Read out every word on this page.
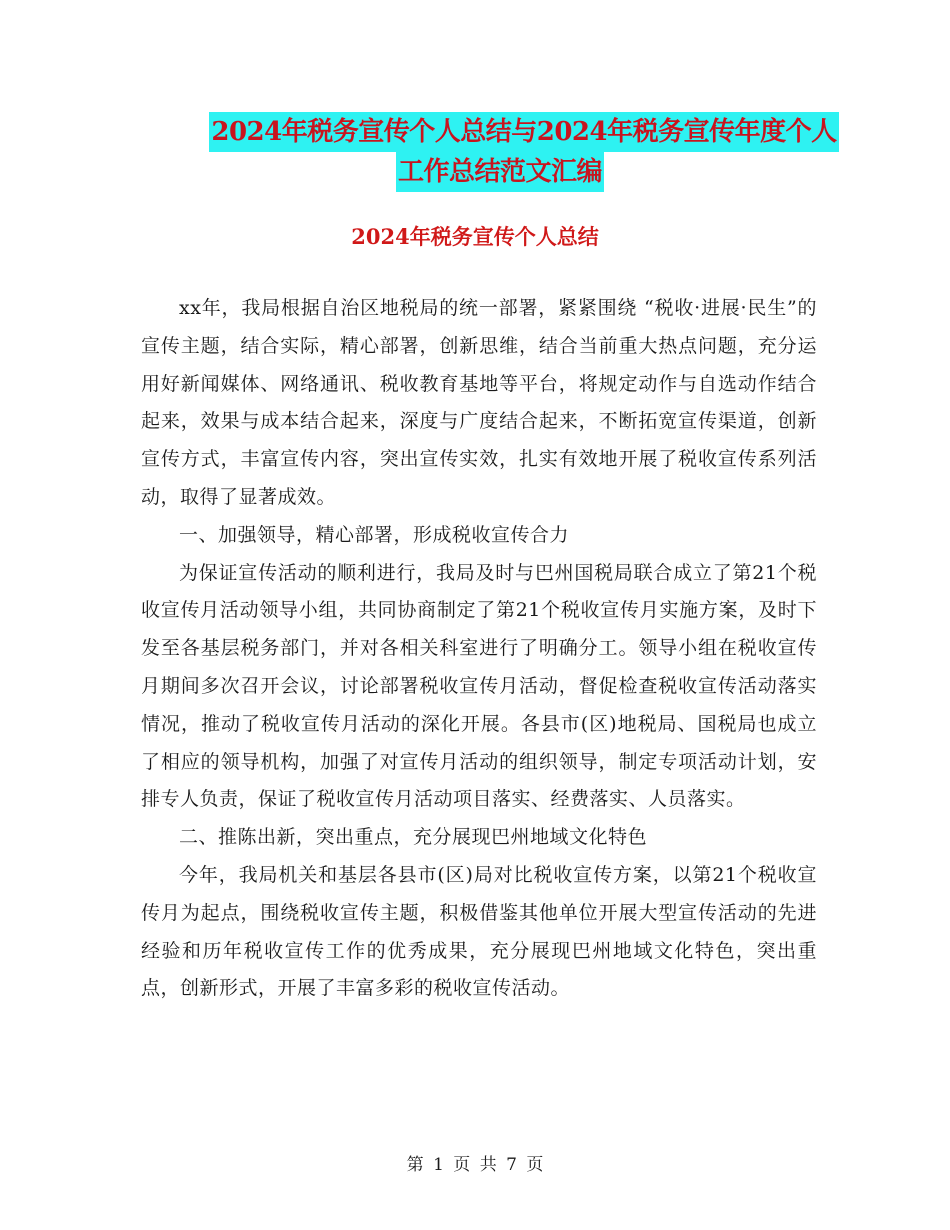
2024年税务宣传个人总结与2024年税务宣传年度个人
工作总结范文汇编
2024年税务宣传个人总结

xx年，我局根据自治区地税局的统一部署，紧紧围绕 “税收·进展·民生”的宣传主题，结合实际，精心部署，创新思维，结合当前重大热点问题，充分运用好新闻媒体、网络通讯、税收教育基地等平台，将规定动作与自选动作结合起来，效果与成本结合起来，深度与广度结合起来，不断拓宽宣传渠道，创新宣传方式，丰富宣传内容，突出宣传实效，扎实有效地开展了税收宣传系列活动，取得了显著成效。

一、加强领导，精心部署，形成税收宣传合力

为保证宣传活动的顺利进行，我局及时与巴州国税局联合成立了第21个税收宣传月活动领导小组，共同协商制定了第21个税收宣传月实施方案，及时下发至各基层税务部门，并对各相关科室进行了明确分工。领导小组在税收宣传月期间多次召开会议，讨论部署税收宣传月活动，督促检查税收宣传活动落实情况，推动了税收宣传月活动的深化开展。各县市(区)地税局、国税局也成立了相应的领导机构，加强了对宣传月活动的组织领导，制定专项活动计划，安排专人负责，保证了税收宣传月活动项目落实、经费落实、人员落实。

二、推陈出新，突出重点，充分展现巴州地域文化特色

今年，我局机关和基层各县市(区)局对比税收宣传方案，以第21个税收宣传月为起点，围绕税收宣传主题，积极借鉴其他单位开展大型宣传活动的先进经验和历年税收宣传工作的优秀成果，充分展现巴州地域文化特色，突出重点，创新形式，开展了丰富多彩的税收宣传活动。

第 1 页 共 7 页
